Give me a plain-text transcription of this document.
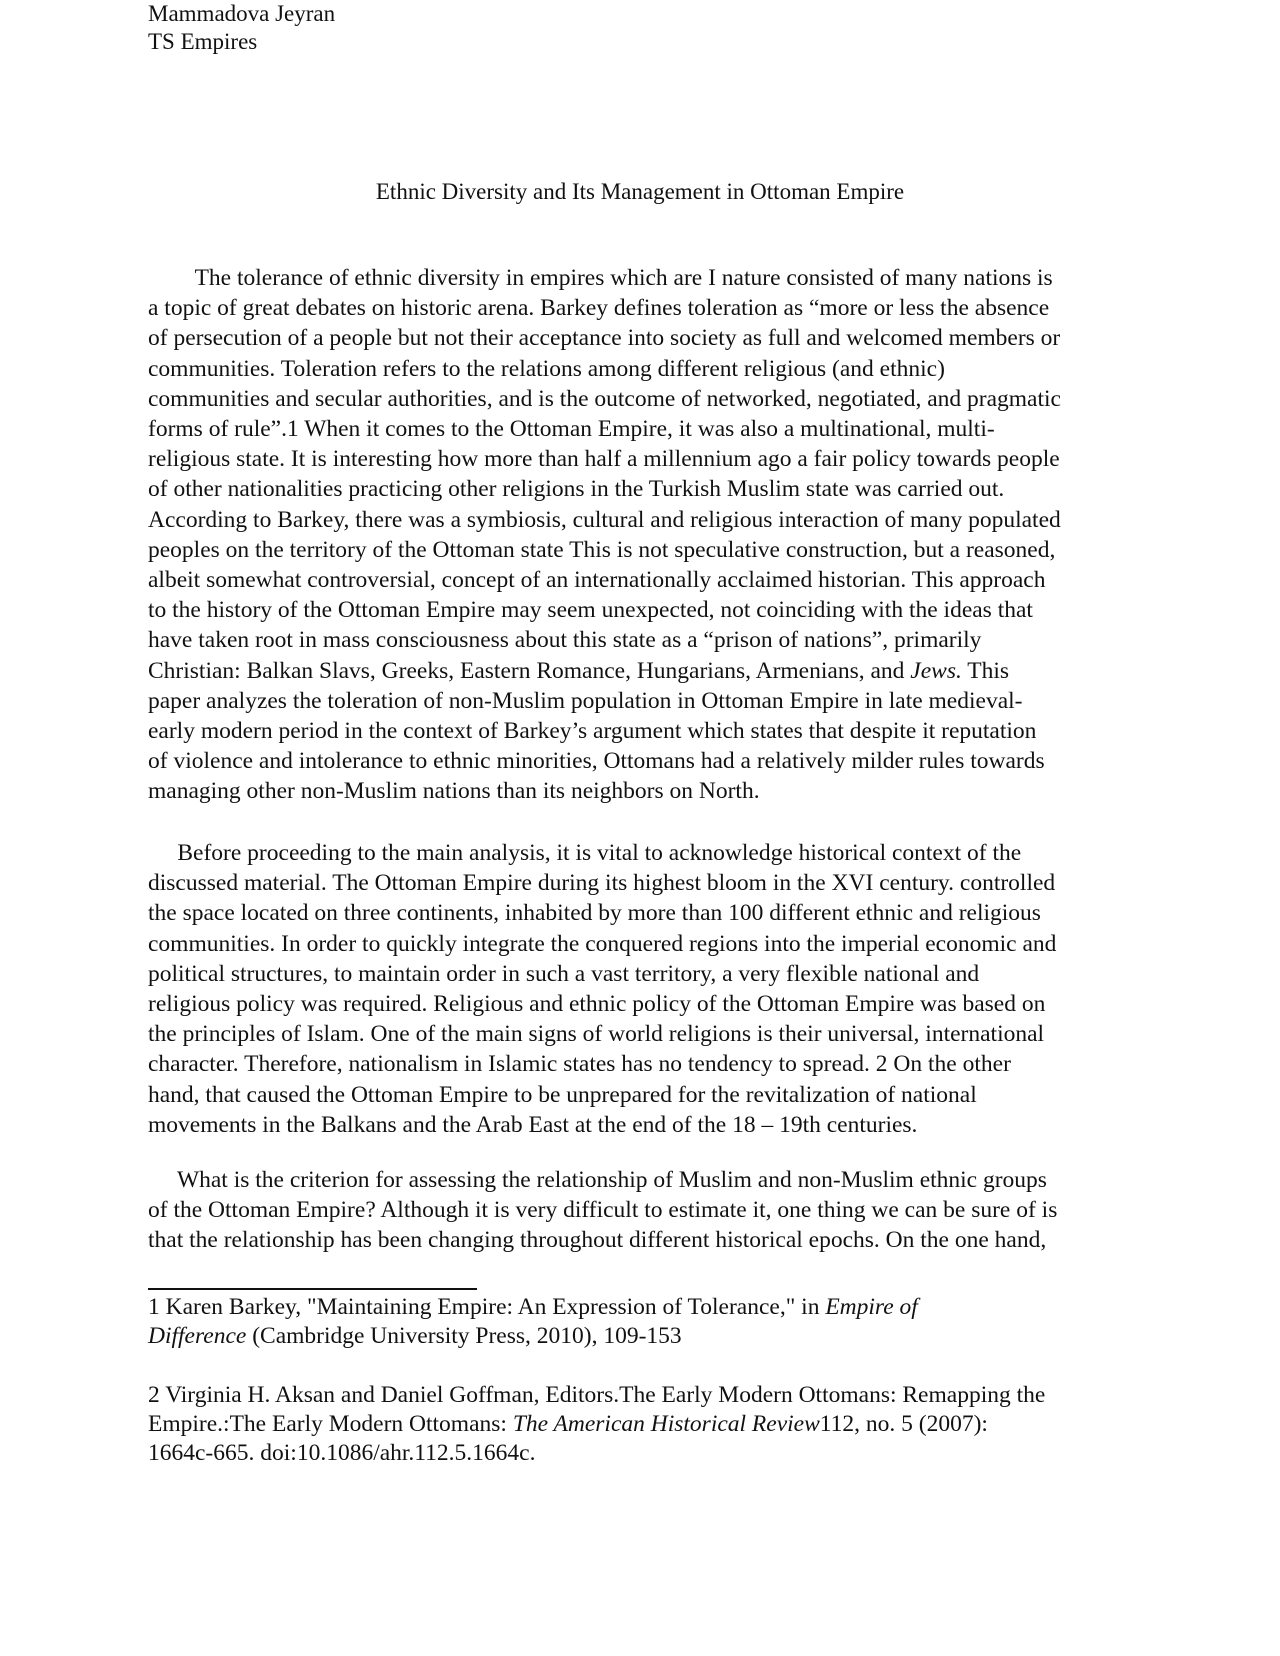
Mammadova Jeyran
TS Empires
Ethnic Diversity and Its Management in Ottoman Empire
The tolerance of ethnic diversity in empires which are I nature consisted of many nations is
a topic of great debates on historic arena. Barkey defines toleration as “more or less the absence
of persecution of a people but not their acceptance into society as full and welcomed members or
communities. Toleration refers to the relations among different religious (and ethnic)
communities and secular authorities, and is the outcome of networked, negotiated, and pragmatic
forms of rule”.1 When it comes to the Ottoman Empire, it was also a multinational, multi-
religious state. It is interesting how more than half a millennium ago a fair policy towards people
of other nationalities practicing other religions in the Turkish Muslim state was carried out.
According to Barkey, there was a symbiosis, cultural and religious interaction of many populated
peoples on the territory of the Ottoman state This is not speculative construction, but a reasoned,
albeit somewhat controversial, concept of an internationally acclaimed historian. This approach
to the history of the Ottoman Empire may seem unexpected, not coinciding with the ideas that
have taken root in mass consciousness about this state as a “prison of nations”, primarily
Christian: Balkan Slavs, Greeks, Eastern Romance, Hungarians, Armenians, and Jews. This
paper analyzes the toleration of non-Muslim population in Ottoman Empire in late medieval-
early modern period in the context of Barkey’s argument which states that despite it reputation
of violence and intolerance to ethnic minorities, Ottomans had a relatively milder rules towards
managing other non-Muslim nations than its neighbors on North.
Before proceeding to the main analysis, it is vital to acknowledge historical context of the
discussed material. The Ottoman Empire during its highest bloom in the XVI century. controlled
the space located on three continents, inhabited by more than 100 different ethnic and religious
communities. In order to quickly integrate the conquered regions into the imperial economic and
political structures, to maintain order in such a vast territory, a very flexible national and
religious policy was required. Religious and ethnic policy of the Ottoman Empire was based on
the principles of Islam. One of the main signs of world religions is their universal, international
character. Therefore, nationalism in Islamic states has no tendency to spread. 2 On the other
hand, that caused the Ottoman Empire to be unprepared for the revitalization of national
movements in the Balkans and the Arab East at the end of the 18 – 19th centuries.
What is the criterion for assessing the relationship of Muslim and non-Muslim ethnic groups
of the Ottoman Empire? Although it is very difficult to estimate it, one thing we can be sure of is
that the relationship has been changing throughout different historical epochs. On the one hand,
1 Karen Barkey, "Maintaining Empire: An Expression of Tolerance," in Empire of
Difference (Cambridge University Press, 2010), 109-153
2 Virginia H. Aksan and Daniel Goffman, Editors.The Early Modern Ottomans: Remapping the
Empire.:The Early Modern Ottomans: The American Historical Review112, no. 5 (2007):
1664c-665. doi:10.1086/ahr.112.5.1664c.
